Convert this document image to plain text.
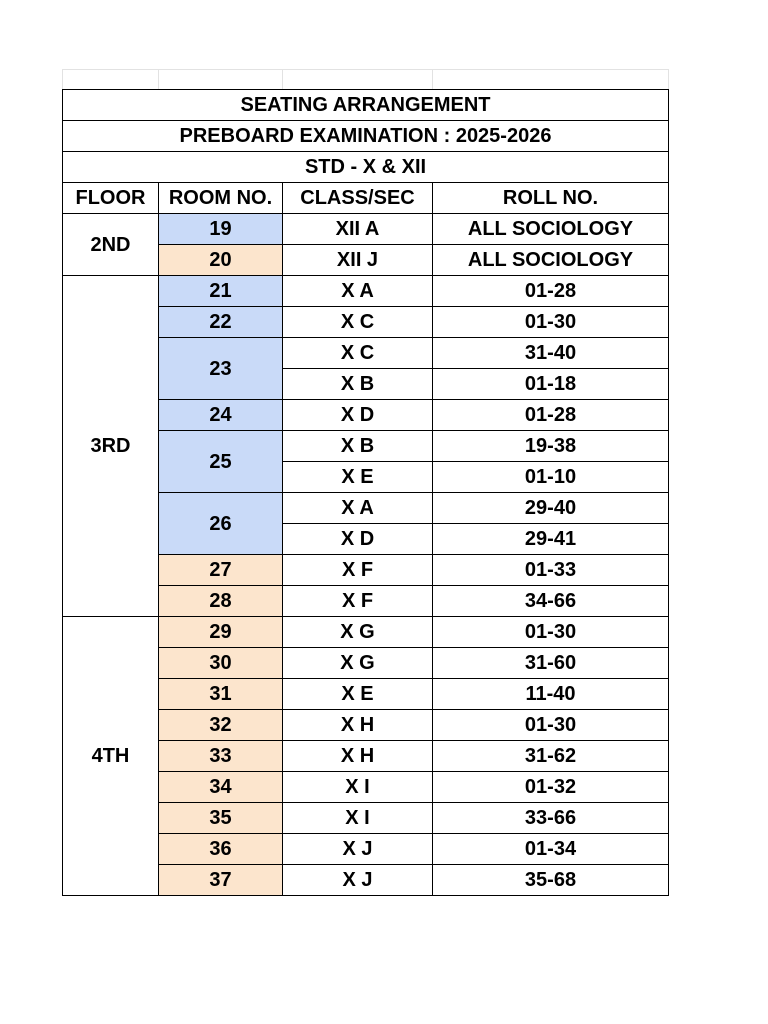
SEATING ARRANGEMENT			
PREBOARD EXAMINATION : 2025-2026			
STD - X & XII			
FLOOR	ROOM NO.	CLASS/SEC	ROLL NO.
2ND	19	XII A	ALL SOCIOLOGY
	20	XII J	ALL SOCIOLOGY
3RD	21	X A	01-28
	22	X C	01-30
	23	X C	31-40
		X B	01-18
	24	X D	01-28
	25	X B	19-38
		X E	01-10
	26	X A	29-40
		X D	29-41
	27	X F	01-33
	28	X F	34-66
4TH	29	X G	01-30
	30	X G	31-60
	31	X E	11-40
	32	X H	01-30
	33	X H	31-62
	34	X I	01-32
	35	X I	33-66
	36	X J	01-34
	37	X J	35-68
